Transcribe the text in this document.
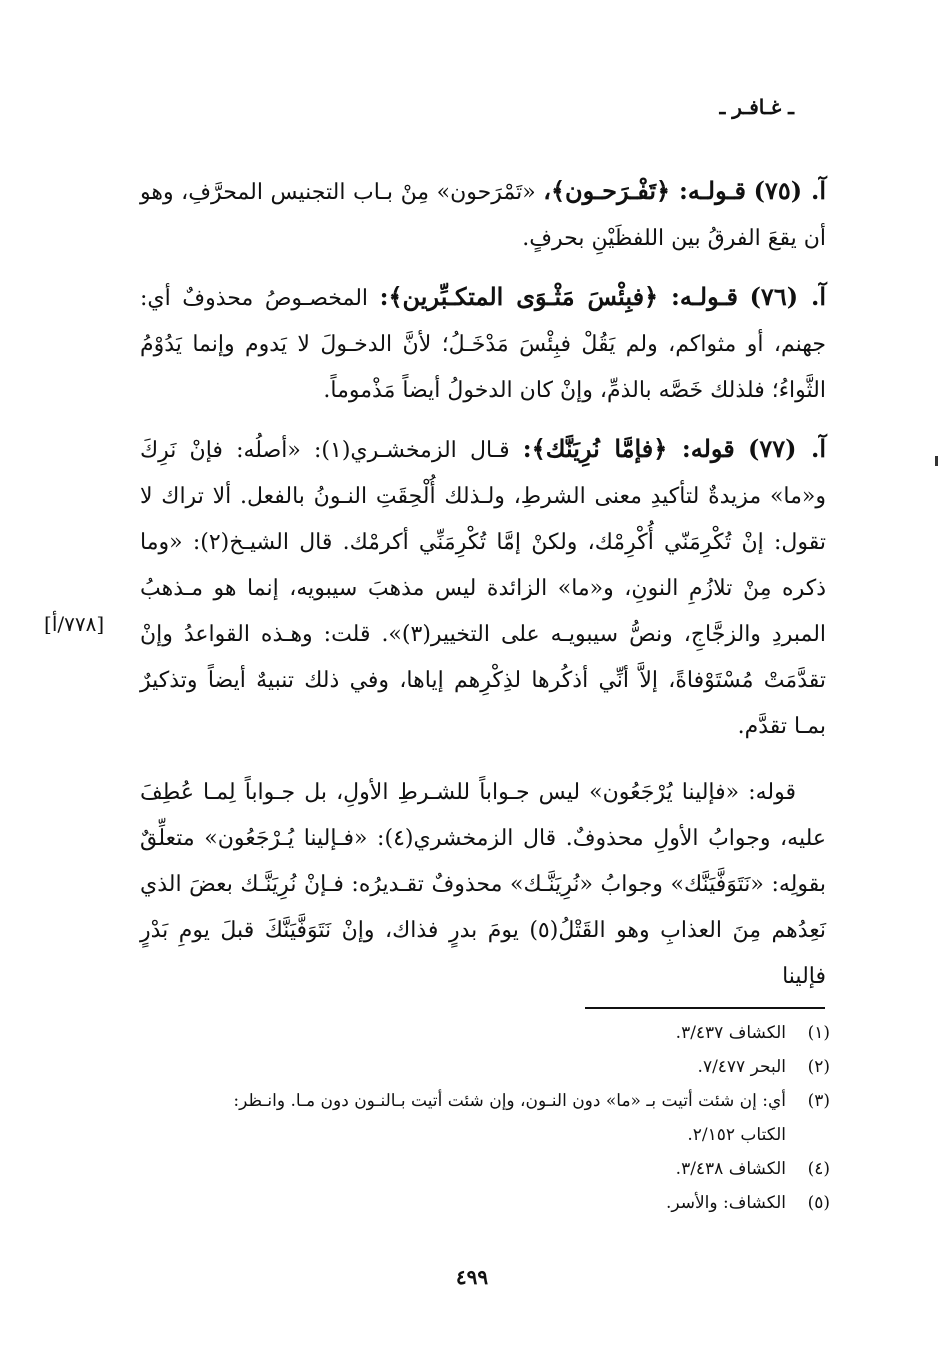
ـ غـافـر ـ

آ. (٧٥) قـولـه: ﴿تَفْـرَحـون﴾، «تَمْرَحون» مِنْ بـاب التجنيس المحرَّفِ، وهو أن يقعَ الفرقُ بين اللفظَيْنِ بحرفٍ.

آ. (٧٦) قـولـه: ﴿فبِئْسَ مَثْـوَى المتكـبِّرين﴾: المخصـوصُ محذوفٌ أي: جهنم، أو مثواكم، ولم يَقُلْ فبِئْسَ مَدْخَـلُ؛ لأنَّ الدخـولَ لا يَدوم وإنما يَدُوْمُ الثَّواءُ؛ فلذلك خَصَّه بالذمِّ، وإنْ كان الدخولُ أيضاً مَذْموماً.

آ. (٧٧) قوله: ﴿فإمَّا نُرِيَنَّك﴾: قـال الزمخشـري(١): «أصلُه: فإنْ نَرِكَ و«ما» مزيدةٌ لتأكيدِ معنى الشرطِ، ولـذلك أُلْحِقَتِ النـونُ بالفعل. ألا تراك لا تقول: إنْ تُكْرِمَنّي أُكْرِمْك، ولكنْ إمَّا تُكْرِمَنِّي أكرمْك. قال الشيـخ(٢): «وما ذكره مِنْ تلازُمِ النونِ، و«ما» الزائدة ليس مذهبَ سيبويه، إنما هو مـذهبُ المبردِ والزجَّاجِ، ونصُّ سيبويـه على التخيير(٣)». قلت: وهـذه القواعدُ وإنْ تقدَّمَتْ مُسْتَوْفاةً، إلاَّ أنِّي أذكُرها لذِكْرِهم إياها، وفي ذلك تنبيهٌ أيضاً وتذكيرٌ بمـا تقدَّم.

قوله: «فإلينا يُرْجَعُون» ليس جـواباً للشـرطِ الأولِ، بل جـواباً لِمـا عُطِفَ عليه، وجوابُ الأولِ محذوفٌ. قال الزمخشري(٤): «فـإلينا يُـرْجَعُون» متعلِّقٌ بقولِه: «نَتَوَفَّيَنَّك» وجوابُ «نُرِيَنَّـك» محذوفٌ تقـديرُه: فـإنْ نُرِيَنَّـك بعضَ الذي نَعِدُهم مِنَ العذابِ وهو القَتْلُ(٥) يومَ بدرٍ فذاك، وإنْ نَتَوَفَّيَنَّكَ قبلَ يومِ بَدْرٍ فإلينا

[٧٧٨/أ]
(١)
الكشاف ٣/٤٣٧.
(٢)
البحر ٧/٤٧٧.
(٣)
أي: إن شئت أتيت بـ «ما» دون النـون، وإن شئت أتيت بـالنـون دون مـا. وانـظر:
الكتاب ٢/١٥٢.
(٤)
الكشاف ٣/٤٣٨.
(٥)
الكشاف: والأسر.
٤٩٩
